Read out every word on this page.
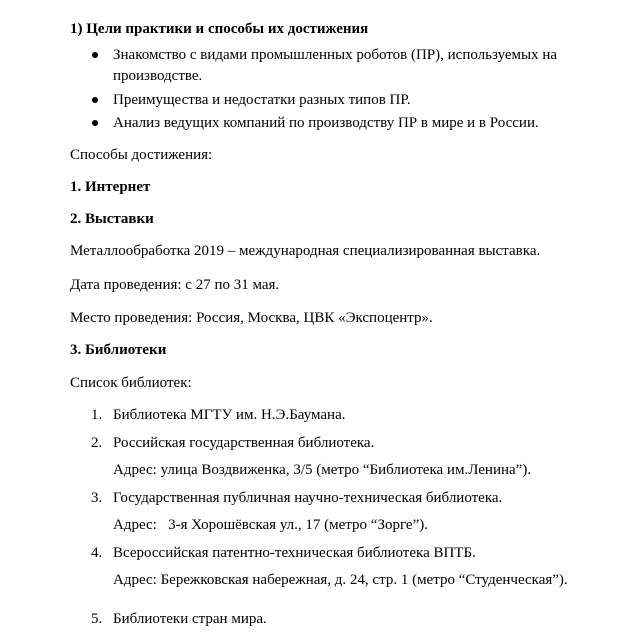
1) Цели практики и способы их достижения
Знакомство с видами промышленных роботов (ПР), используемых на
производстве.
Преимущества и недостатки разных типов ПР.
Анализ ведущих компаний по производству ПР в мире и в России.
Способы достижения:
1. Интернет
2. Выставки
Металлообработка 2019 – международная специализированная выставка.
Дата проведения: с 27 по 31 мая.
Место проведения: Россия, Москва, ЦВК «Экспоцентр».
3. Библиотеки
Список библиотек:
1. Библиотека МГТУ им. Н.Э.Баумана.
2. Российская государственная библиотека.
Адрес: улица Воздвиженка, 3/5 (метро “Библиотека им.Ленина”).
3. Государственная публичная научно-техническая библиотека.
Адрес:   3-я Хорошёвская ул., 17 (метро “Зорге”).
4. Всероссийская патентно-техническая библиотека ВПТБ.
Адрес: Бережковская набережная, д. 24, стр. 1 (метро “Студенческая”).
5. Библиотеки стран мира.
